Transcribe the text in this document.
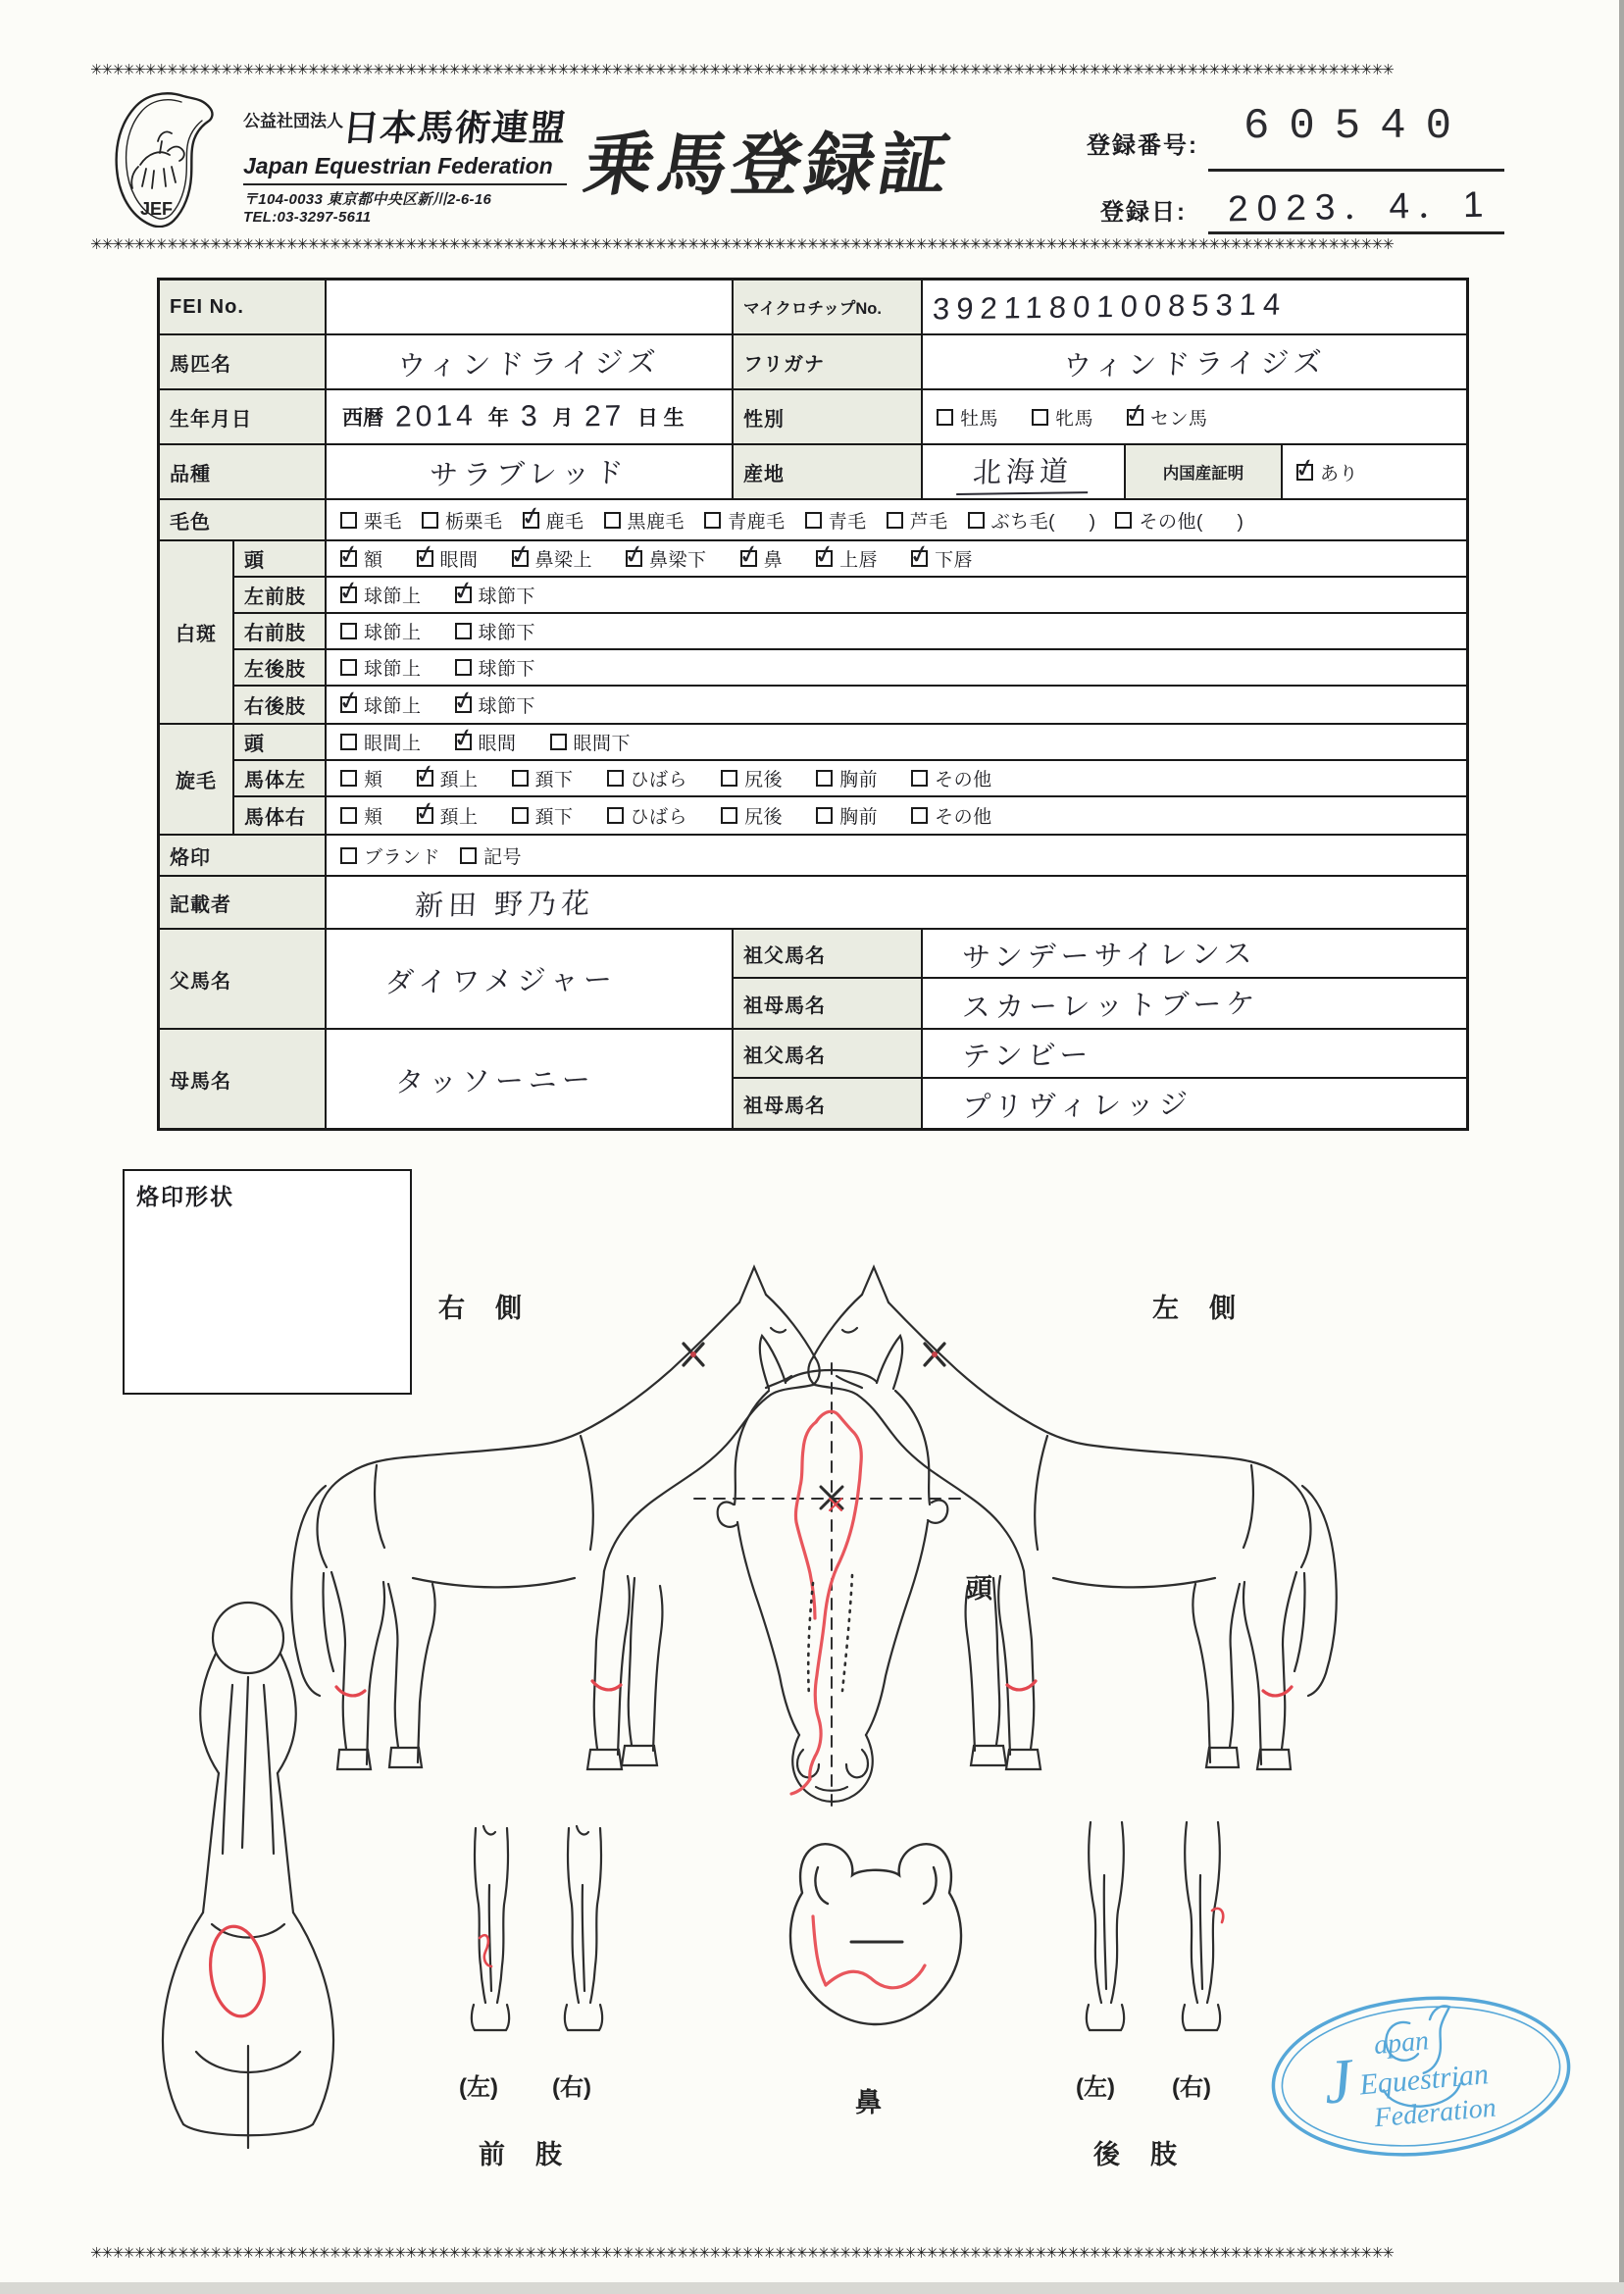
✳✳✳✳✳✳✳✳✳✳✳✳✳✳✳✳✳✳✳✳✳✳✳✳✳✳✳✳✳✳✳✳✳✳✳✳✳✳✳✳✳✳✳✳✳✳✳✳✳✳✳✳✳✳✳✳✳✳✳✳✳✳✳✳✳✳✳✳✳✳✳✳✳✳✳✳✳✳✳✳✳✳✳✳✳✳✳✳✳✳✳✳✳✳✳✳✳✳✳✳✳✳✳✳✳✳✳✳✳✳✳✳✳✳✳✳✳✳✳✳
✳✳✳✳✳✳✳✳✳✳✳✳✳✳✳✳✳✳✳✳✳✳✳✳✳✳✳✳✳✳✳✳✳✳✳✳✳✳✳✳✳✳✳✳✳✳✳✳✳✳✳✳✳✳✳✳✳✳✳✳✳✳✳✳✳✳✳✳✳✳✳✳✳✳✳✳✳✳✳✳✳✳✳✳✳✳✳✳✳✳✳✳✳✳✳✳✳✳✳✳✳✳✳✳✳✳✳✳✳✳✳✳✳✳✳✳✳✳✳✳
✳✳✳✳✳✳✳✳✳✳✳✳✳✳✳✳✳✳✳✳✳✳✳✳✳✳✳✳✳✳✳✳✳✳✳✳✳✳✳✳✳✳✳✳✳✳✳✳✳✳✳✳✳✳✳✳✳✳✳✳✳✳✳✳✳✳✳✳✳✳✳✳✳✳✳✳✳✳✳✳✳✳✳✳✳✳✳✳✳✳✳✳✳✳✳✳✳✳✳✳✳✳✳✳✳✳✳✳✳✳✳✳✳✳✳✳✳✳✳✳
JEF
公益社団法人日本馬術連盟
Japan Equestrian Federation
〒104-0033 東京都中央区新川2-6-16
TEL:03-3297-5611
乗馬登録証	登録番号: 60540
登録日: 2023．4．1
FEI No.	マイクロチップNo.	392118010085314
馬匹名	ウィンドライジズ	フリガナ	ウィンドライジズ
生年月日	西暦 2014 年 3 月 27 日 生	性別	牡馬	牝馬 ✓	セン馬
品種	サラブレッド	産地	北海道	内国産証明 ✓	あり
毛色	栗毛 栃栗毛 ✓ 鹿毛 黒鹿毛 青鹿毛 青毛 芦毛 ぶち毛(      ) その他(      )
白斑
頭 ✓	額 ✓	眼間 ✓	鼻梁上 ✓	鼻梁下 ✓	鼻 ✓	上唇 ✓	下唇
左前肢 ✓	球節上 ✓	球節下
右前肢	球節上	球節下
左後肢	球節上	球節下
右後肢 ✓	球節上 ✓	球節下
旋毛
頭	眼間上 ✓	眼間	眼間下
馬体左	頬 ✓	頚上	頚下	ひばら	尻後	胸前	その他
馬体右	頬 ✓	頚上	頚下	ひばら	尻後	胸前	その他
烙印	ブランド 記号
記載者	新田 野乃花
父馬名	ダイワメジャー
祖父馬名	サンデーサイレンス
祖母馬名	スカーレットブーケ
母馬名	タッソーニー
祖父馬名	テンビー
祖母馬名	プリヴィレッジ
烙印形状
右　側	左　側
頭
鼻
(左) (右)
前　肢
(左) (右)
後　肢
J
apan
Equestrian
Federation
